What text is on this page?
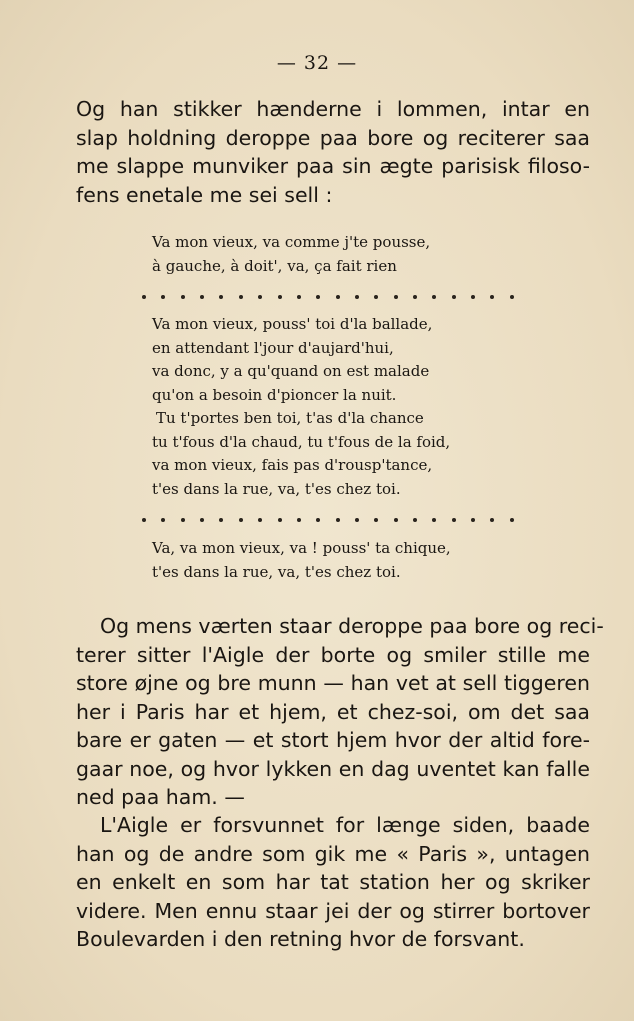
— 32 —
Og han stikker hænderne i lommen, intar en
slap holdning deroppe paa bore og reciterer saa
me slappe munviker paa sin ægte parisisk filoso-
fens enetale me sei sell :
Va mon vieux, va comme j'te pousse,
à gauche, à doit', va, ça fait rien
Va mon vieux, pouss' toi d'la ballade,
en attendant l'jour d'aujard'hui,
va donc, y a qu'quand on est malade
qu'on a besoin d'pioncer la nuit.
Tu t'portes ben toi, t'as d'la chance
tu t'fous d'la chaud, tu t'fous de la foid,
va mon vieux, fais pas d'rousp'tance,
t'es dans la rue, va, t'es chez toi.
Va, va mon vieux, va ! pouss' ta chique,
t'es dans la rue, va, t'es chez toi.
Og mens værten staar deroppe paa bore og reci-
terer sitter l'Aigle der borte og smiler stille me
store øjne og bre munn — han vet at sell tiggeren
her i Paris har et hjem, et chez-soi, om det saa
bare er gaten — et stort hjem hvor der altid fore-
gaar noe, og hvor lykken en dag uventet kan falle
ned paa ham. —
L'Aigle er forsvunnet for længe siden, baade
han og de andre som gik me « Paris », untagen
en enkelt en som har tat station her og skriker
videre. Men ennu staar jei der og stirrer bortover
Boulevarden i den retning hvor de forsvant.
